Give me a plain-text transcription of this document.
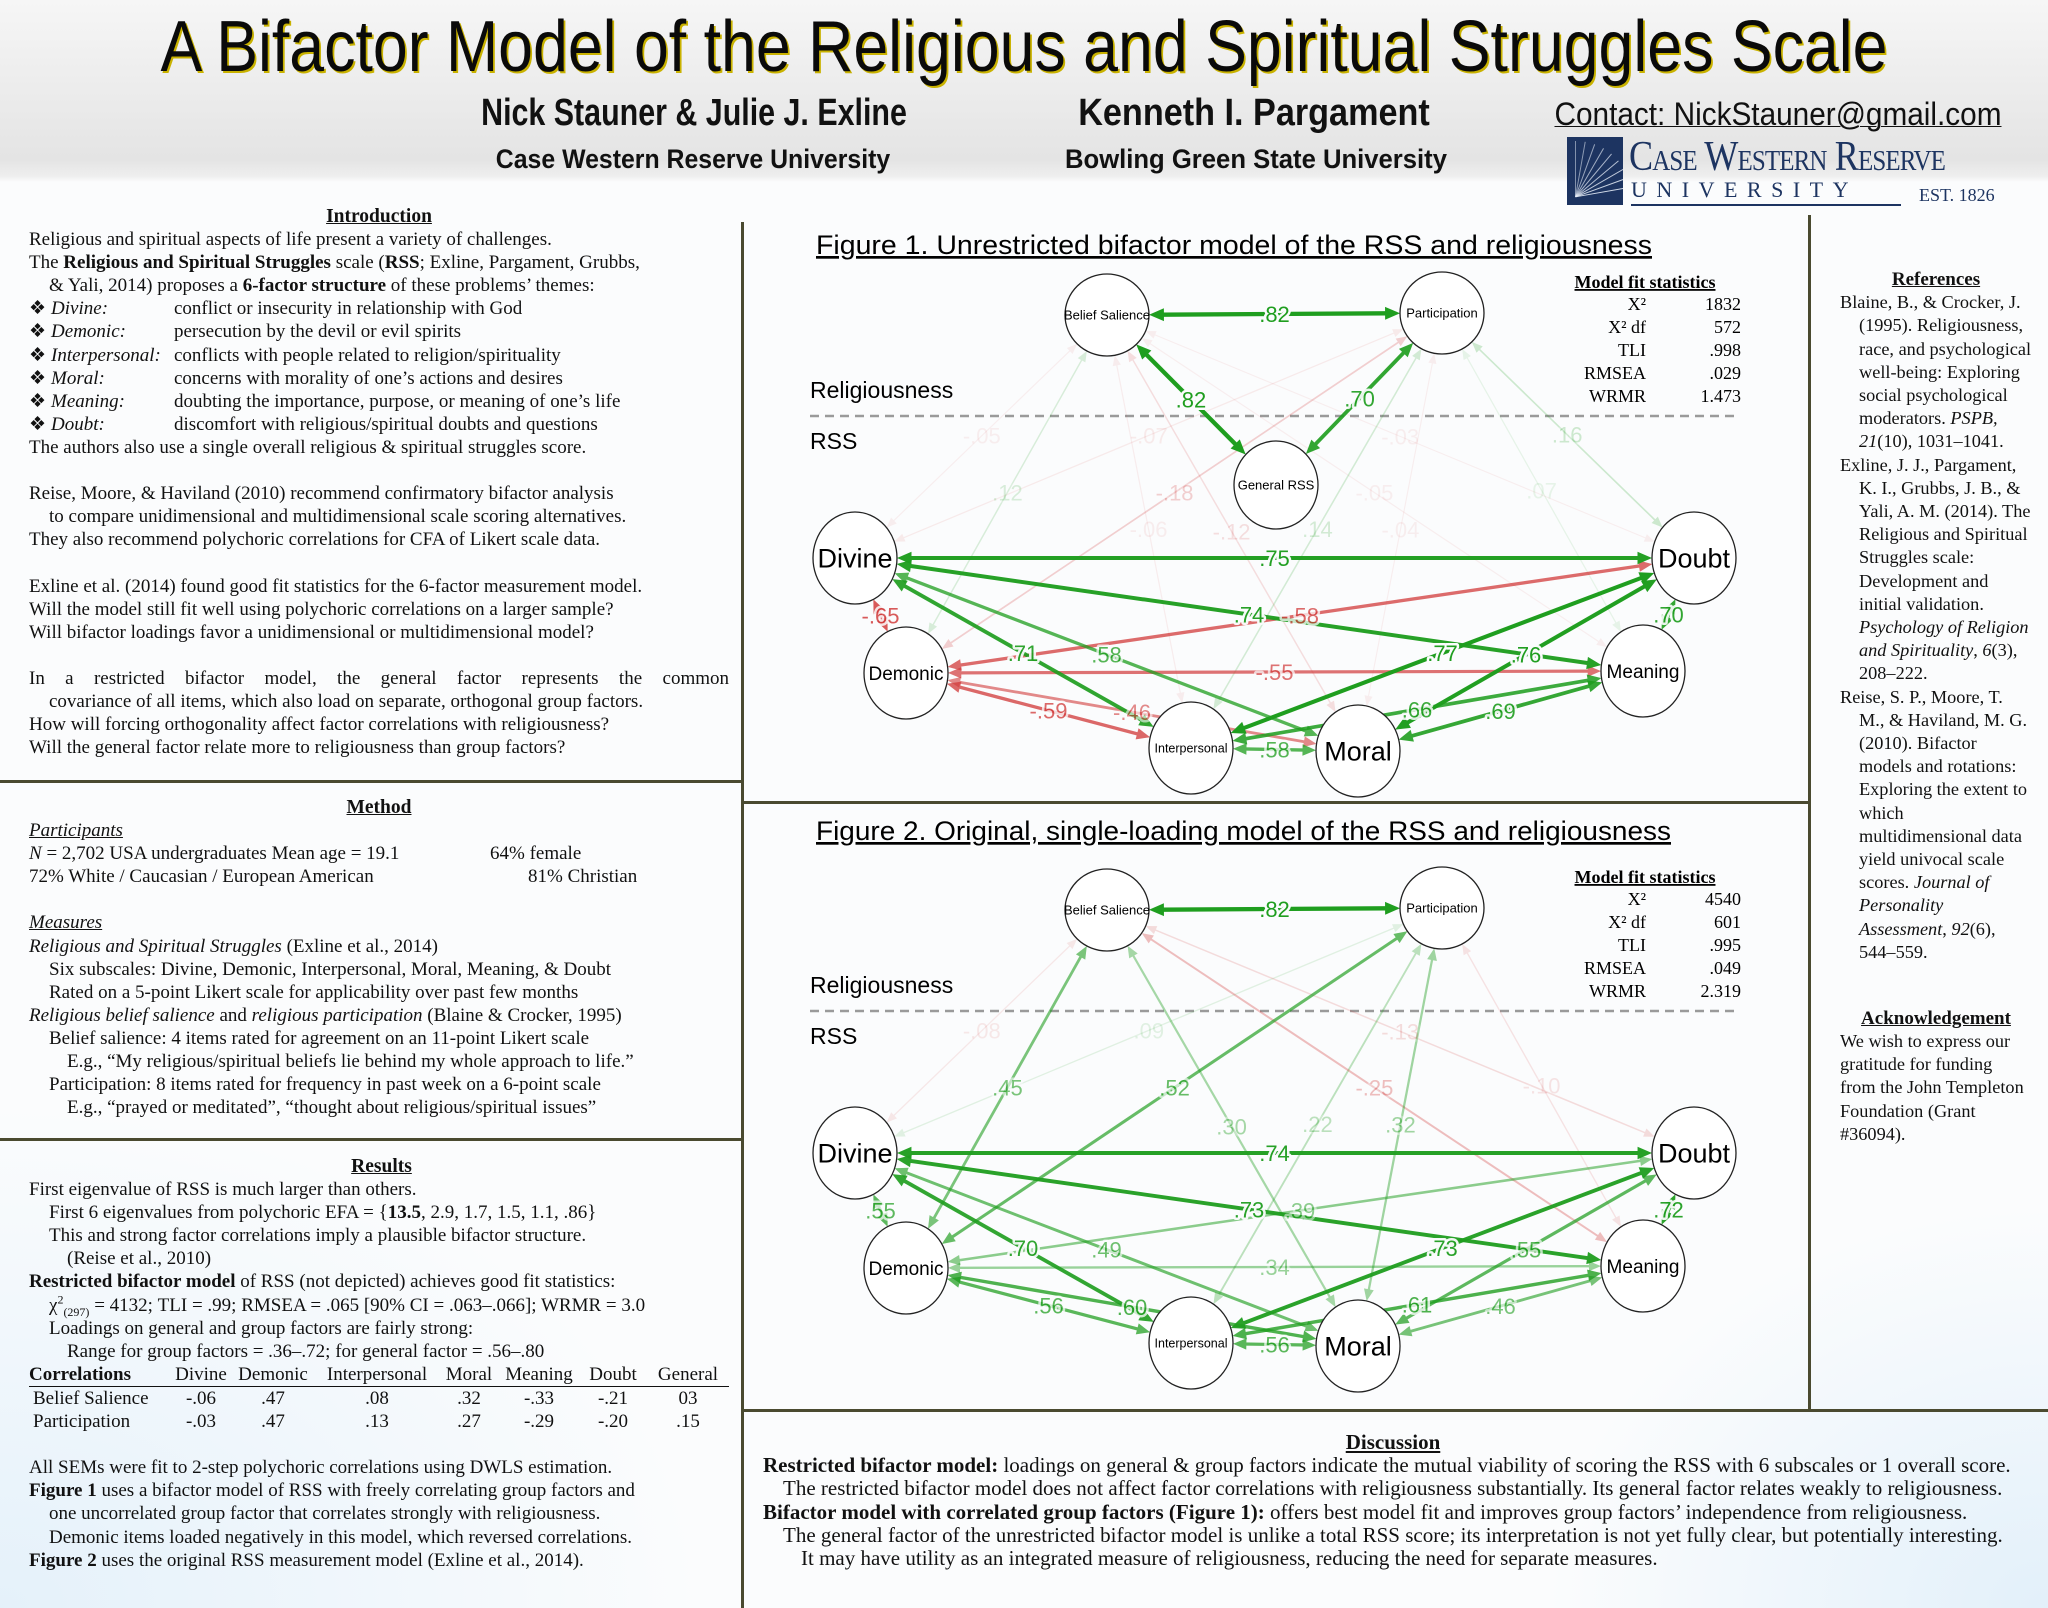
A Bifactor Model of the Religious and Spiritual Struggles Scale
Nick Stauner & Julie J. Exline
Case Western Reserve University
Kenneth I. Pargament
Bowling Green State University
Contact: NickStauner@gmail.com
Case Western Reserve
UNIVERSITY	EST. 1826
Introduction
Religious and spiritual aspects of life present a variety of challenges.
The Religious and Spiritual Struggles scale (RSS; Exline, Pargament, Grubbs,
& Yali, 2014) proposes a 6-factor structure of these problems’ themes:
❖ Divine:	conflict or insecurity in relationship with God
❖ Demonic:	persecution by the devil or evil spirits
❖ Interpersonal: conflicts with people related to religion/spirituality
❖ Moral:	concerns with morality of one’s actions and desires
❖ Meaning:	doubting the importance, purpose, or meaning of one’s life
❖ Doubt:	discomfort with religious/spiritual doubts and questions
The authors also use a single overall religious & spiritual struggles score.
Reise, Moore, & Haviland (2010) recommend confirmatory bifactor analysis
to compare unidimensional and multidimensional scale scoring alternatives.
They also recommend polychoric correlations for CFA of Likert scale data.
Exline et al. (2014) found good fit statistics for the 6-factor measurement model.
Will the model still fit well using polychoric correlations on a larger sample?
Will bifactor loadings favor a unidimensional or multidimensional model?
In a restricted bifactor model, the general factor represents the common
covariance of all items, which also load on separate, orthogonal group factors.
How will forcing orthogonality affect factor correlations with religiousness?
Will the general factor relate more to religiousness than group factors?
Method
Participants
N = 2,702 USA undergraduates Mean age = 19.1	64% female
72% White / Caucasian / European American	81% Christian
Measures
Religious and Spiritual Struggles (Exline et al., 2014)
Six subscales: Divine, Demonic, Interpersonal, Moral, Meaning, & Doubt
Rated on a 5-point Likert scale for applicability over past few months
Religious belief salience and religious participation (Blaine & Crocker, 1995)
Belief salience: 4 items rated for agreement on an 11-point Likert scale
E.g., “My religious/spiritual beliefs lie behind my whole approach to life.”
Participation: 8 items rated for frequency in past week on a 6-point scale
E.g., “prayed or meditated”, “thought about religious/spiritual issues”
Results
First eigenvalue of RSS is much larger than others.
First 6 eigenvalues from polychoric EFA = {13.5, 2.9, 1.7, 1.5, 1.1, .86}
This and strong factor correlations imply a plausible bifactor structure.
(Reise et al., 2010)
Restricted bifactor model of RSS (not depicted) achieves good fit statistics:
$\chi^2_{(297)} = 4132$; TLI = .99; RMSEA = .065 [90% CI = .063–.066]; WRMR = 3.0
Loadings on general and group factors are fairly strong:
Range for group factors = .36–.72; for general factor = .56–.80
Correlations	Divine	Demonic	Interpersonal	Moral	Meaning	Doubt	General
Belief Salience	-.06	.47	.08	.32	-.33	-.21	03
Participation	-.03	.47	.13	.27	-.29	-.20	.15
All SEMs were fit to 2-step polychoric correlations using DWLS estimation.
Figure 1 uses a bifactor model of RSS with freely correlating group factors and
one uncorrelated group factor that correlates strongly with religiousness.
Demonic items loaded negatively in this model, which reversed correlations.
Figure 2 uses the original RSS measurement model (Exline et al., 2014).
References
Blaine, B., & Crocker, J. (1995). Religiousness, race, and psychological well-being: Exploring social psychological moderators. PSPB, 21(10), 1031–1041.
Exline, J. J., Pargament, K. I., Grubbs, J. B., & Yali, A. M. (2014). The Religious and Spiritual Struggles scale: Development and initial validation. Psychology of Religion and Spirituality, 6(3), 208–222.
Reise, S. P., Moore, T. M., & Haviland, M. G. (2010). Bifactor models and rotations: Exploring the extent to which multidimensional data yield univocal scale scores. Journal of Personality Assessment, 92(6), 544–559.
Acknowledgement
We wish to express our gratitude for funding from the John Templeton Foundation (Grant #36094).
Discussion
Restricted bifactor model: loadings on general & group factors indicate the mutual viability of scoring the RSS with 6 subscales or 1 overall score.
The restricted bifactor model does not affect factor correlations with religiousness substantially. Its general factor relates weakly to religiousness.
Bifactor model with correlated group factors (Figure 1): offers best model fit and improves group factors’ independence from religiousness.
The general factor of the unrestricted bifactor model is unlike a total RSS score; its interpretation is not yet fully clear, but potentially interesting.
It may have utility as an integrated measure of religiousness, reducing the need for separate measures.
Figure 1. Unrestricted bifactor model of the RSS and religiousness
Religiousness
RSS
Model fit statistics
X²	1832
X² df	572
TLI	.998
RMSEA	.029
WRMR	1.473
Belief Salience	Participation
General RSS
Divine	Doubt
Demonic	Meaning
Interpersonal	Moral
-.03
-.04
-.05
-.05
-.06
-.07
.07
.12
-.12 .14
.16
-.18
-.46
-.55
-.58
.58
.58
-.59
-.65
.66 .69
.70
.70
.71
.74
.75
.76
.77
.82
.82
Figure 2. Original, single-loading model of the RSS and religiousness
Religiousness
RSS
Model fit statistics
X²	4540
X² df	601
TLI	.995
RMSEA	.049
WRMR	2.319
Belief Salience	Participation
Divine	Doubt
Demonic	Meaning
Interpersonal	Moral
-.08	.09
-.10
-.13
.22
-.25
.30	.32
.34
.39
.45
.46
.49
.52
.55
.55
.56
.56
.60	.61
.70
.72
.73
.73
.74
.82
